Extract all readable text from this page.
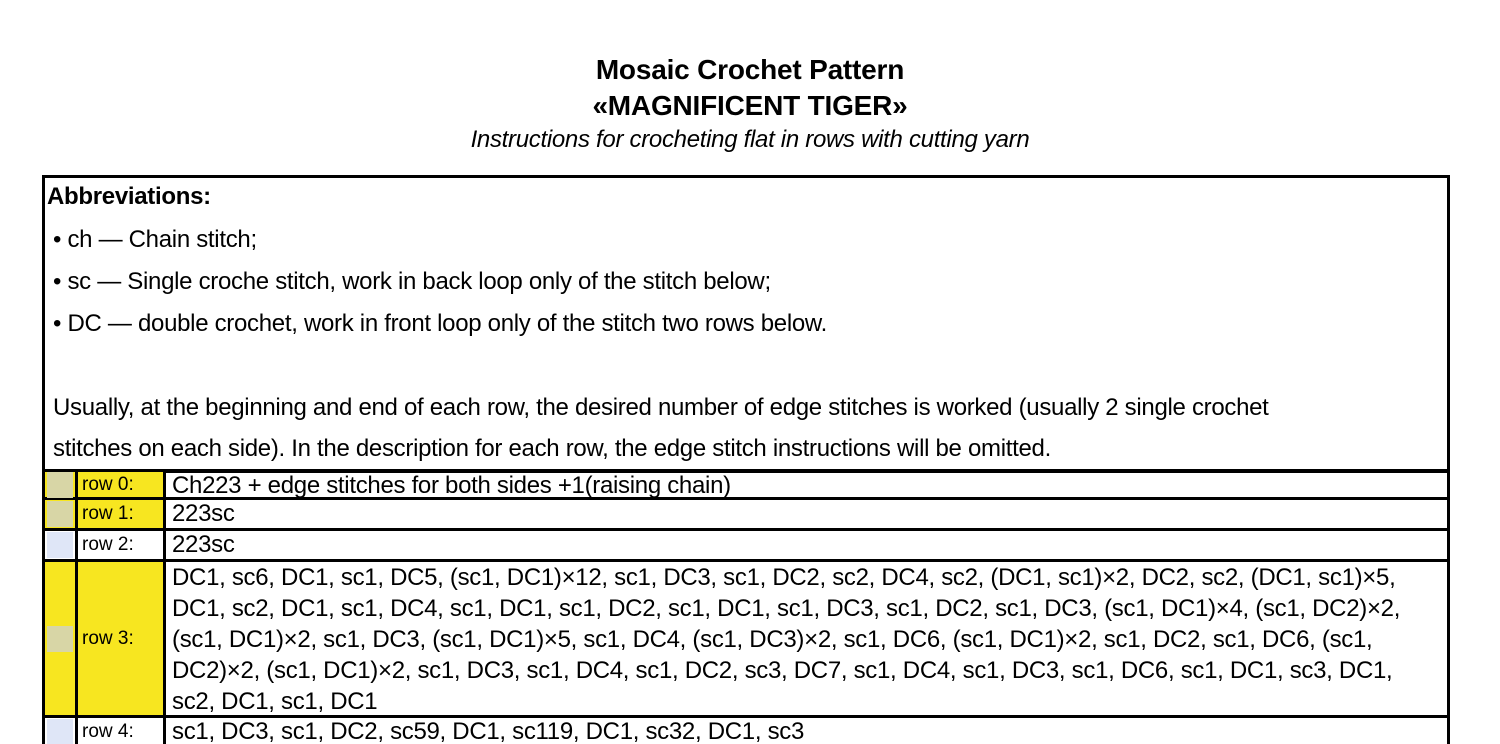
Mosaic Crochet Pattern
«MAGNIFICENT TIGER»
Instructions for crocheting flat in rows with cutting yarn
Abbreviations:
• ch — Chain stitch;
• sc — Single croche stitch, work in back loop only of the stitch below;
• DC — double crochet, work in front loop only of the stitch two rows below.
Usually, at the beginning and end of each row, the desired number of edge stitches is worked (usually 2 single crochet
stitches on each side). In the description for each row, the edge stitch instructions will be omitted.
row 0:	Ch223 + edge stitches for both sides +1(raising chain)
row 1:	223sc
row 2:	223sc
row 3:
DC1, sc6, DC1, sc1, DC5, (sc1, DC1)×12, sc1, DC3, sc1, DC2, sc2, DC4, sc2, (DC1, sc1)×2, DC2, sc2, (DC1, sc1)×5, DC1, sc2, DC1, sc1, DC4, sc1, DC1, sc1, DC2, sc1, DC1, sc1, DC3, sc1, DC2, sc1, DC3, (sc1, DC1)×4, (sc1, DC2)×2, (sc1, DC1)×2, sc1, DC3, (sc1, DC1)×5, sc1, DC4, (sc1, DC3)×2, sc1, DC6, (sc1, DC1)×2, sc1, DC2, sc1, DC6, (sc1, DC2)×2, (sc1, DC1)×2, sc1, DC3, sc1, DC4, sc1, DC2, sc3, DC7, sc1, DC4, sc1, DC3, sc1, DC6, sc1, DC1, sc3, DC1, sc2, DC1, sc1, DC1
row 4:	sc1, DC3, sc1, DC2, sc59, DC1, sc119, DC1, sc32, DC1, sc3
